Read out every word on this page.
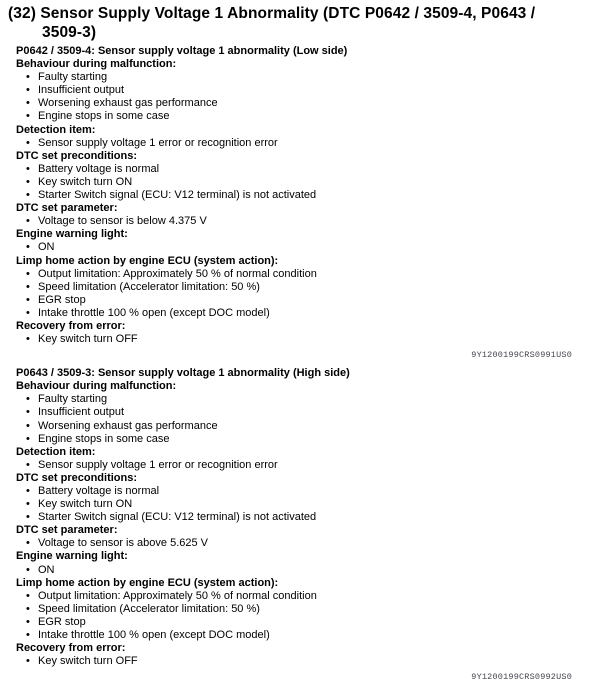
(32) Sensor Supply Voltage 1 Abnormality (DTC P0642 / 3509-4, P0643 /
3509-3)

P0642 / 3509-4: Sensor supply voltage 1 abnormality (Low side)

Behaviour during malfunction:

• Faulty starting
• Insufficient output
• Worsening exhaust gas performance
• Engine stops in some case

Detection item:

• Sensor supply voltage 1 error or recognition error

DTC set preconditions:

• Battery voltage is normal
• Key switch turn ON
• Starter Switch signal (ECU: V12 terminal) is not activated

DTC set parameter:

• Voltage to sensor is below 4.375 V

Engine warning light:

• ON

Limp home action by engine ECU (system action):

• Output limitation: Approximately 50 % of normal condition
• Speed limitation (Accelerator limitation: 50 %)
• EGR stop
• Intake throttle 100 % open (except DOC model)

Recovery from error:

• Key switch turn OFF

9Y1200199CRS0991US0

P0643 / 3509-3: Sensor supply voltage 1 abnormality (High side)

Behaviour during malfunction:

• Faulty starting
• Insufficient output
• Worsening exhaust gas performance
• Engine stops in some case

Detection item:

• Sensor supply voltage 1 error or recognition error

DTC set preconditions:

• Battery voltage is normal
• Key switch turn ON
• Starter Switch signal (ECU: V12 terminal) is not activated

DTC set parameter:

• Voltage to sensor is above 5.625 V

Engine warning light:

• ON

Limp home action by engine ECU (system action):

• Output limitation: Approximately 50 % of normal condition
• Speed limitation (Accelerator limitation: 50 %)
• EGR stop
• Intake throttle 100 % open (except DOC model)

Recovery from error:

• Key switch turn OFF

9Y1200199CRS0992US0
